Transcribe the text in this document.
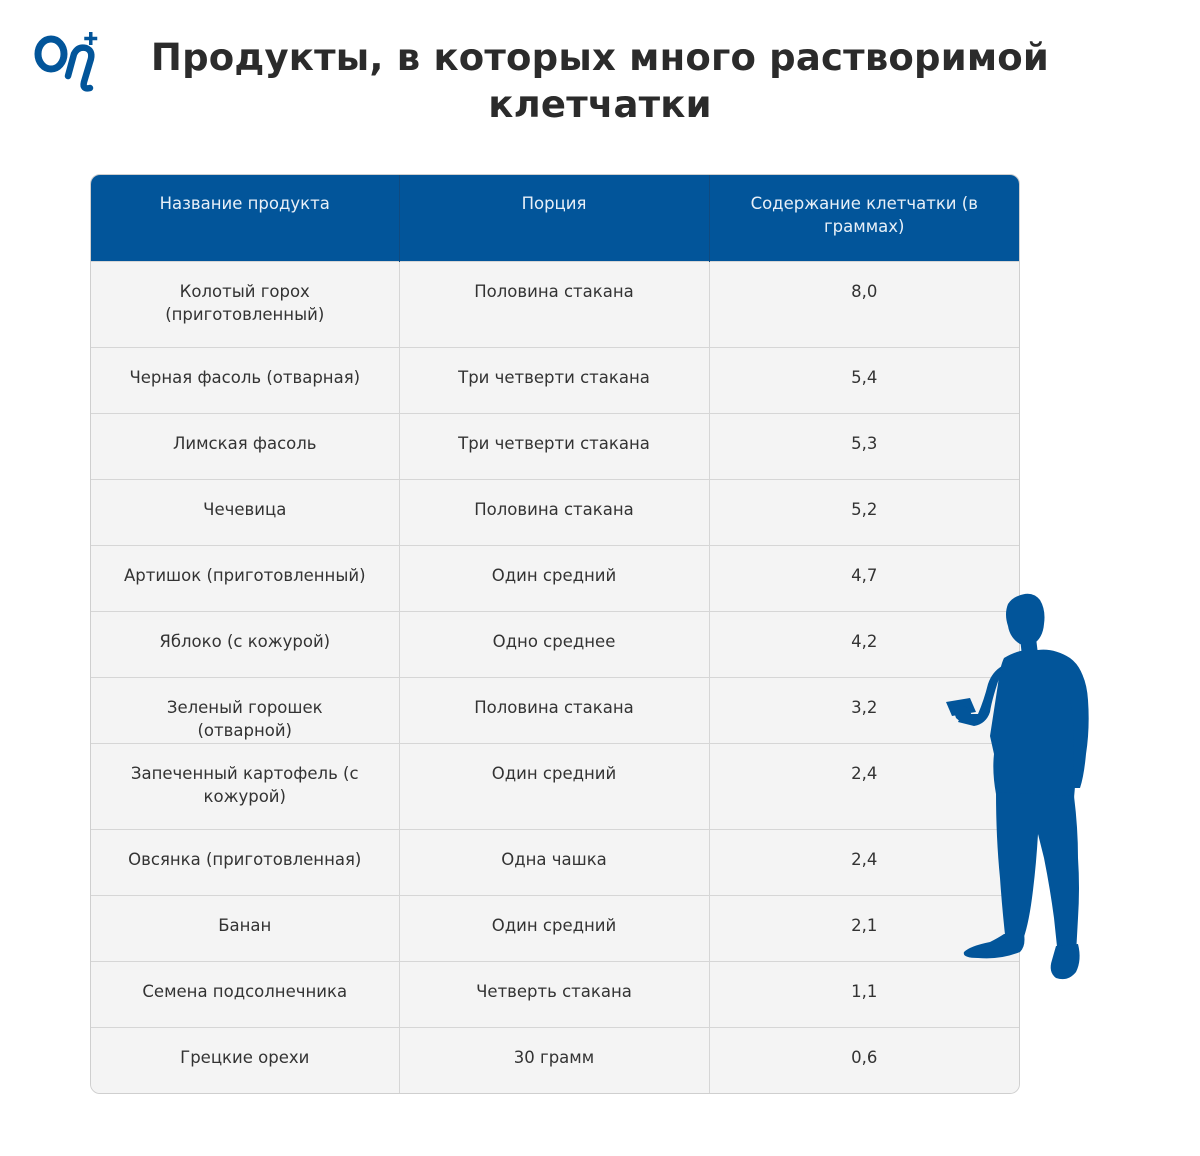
Продукты, в которых много растворимой клетчатки
Название продукта	Порция	Содержание клетчатки (в граммах)
Колотый горох (приготовленный)	Половина стакана	8,0
Черная фасоль (отварная)	Три четверти стакана	5,4
Лимская фасоль	Три четверти стакана	5,3
Чечевица	Половина стакана	5,2
Артишок (приготовленный)	Один средний	4,7
Яблоко (с кожурой)	Одно среднее	4,2
Зеленый горошек (отварной)	Половина стакана	3,2
Запеченный картофель (с кожурой)	Один средний	2,4
Овсянка (приготовленная)	Одна чашка	2,4
Банан	Один средний	2,1
Семена подсолнечника	Четверть стакана	1,1
Грецкие орехи	30 грамм	0,6
